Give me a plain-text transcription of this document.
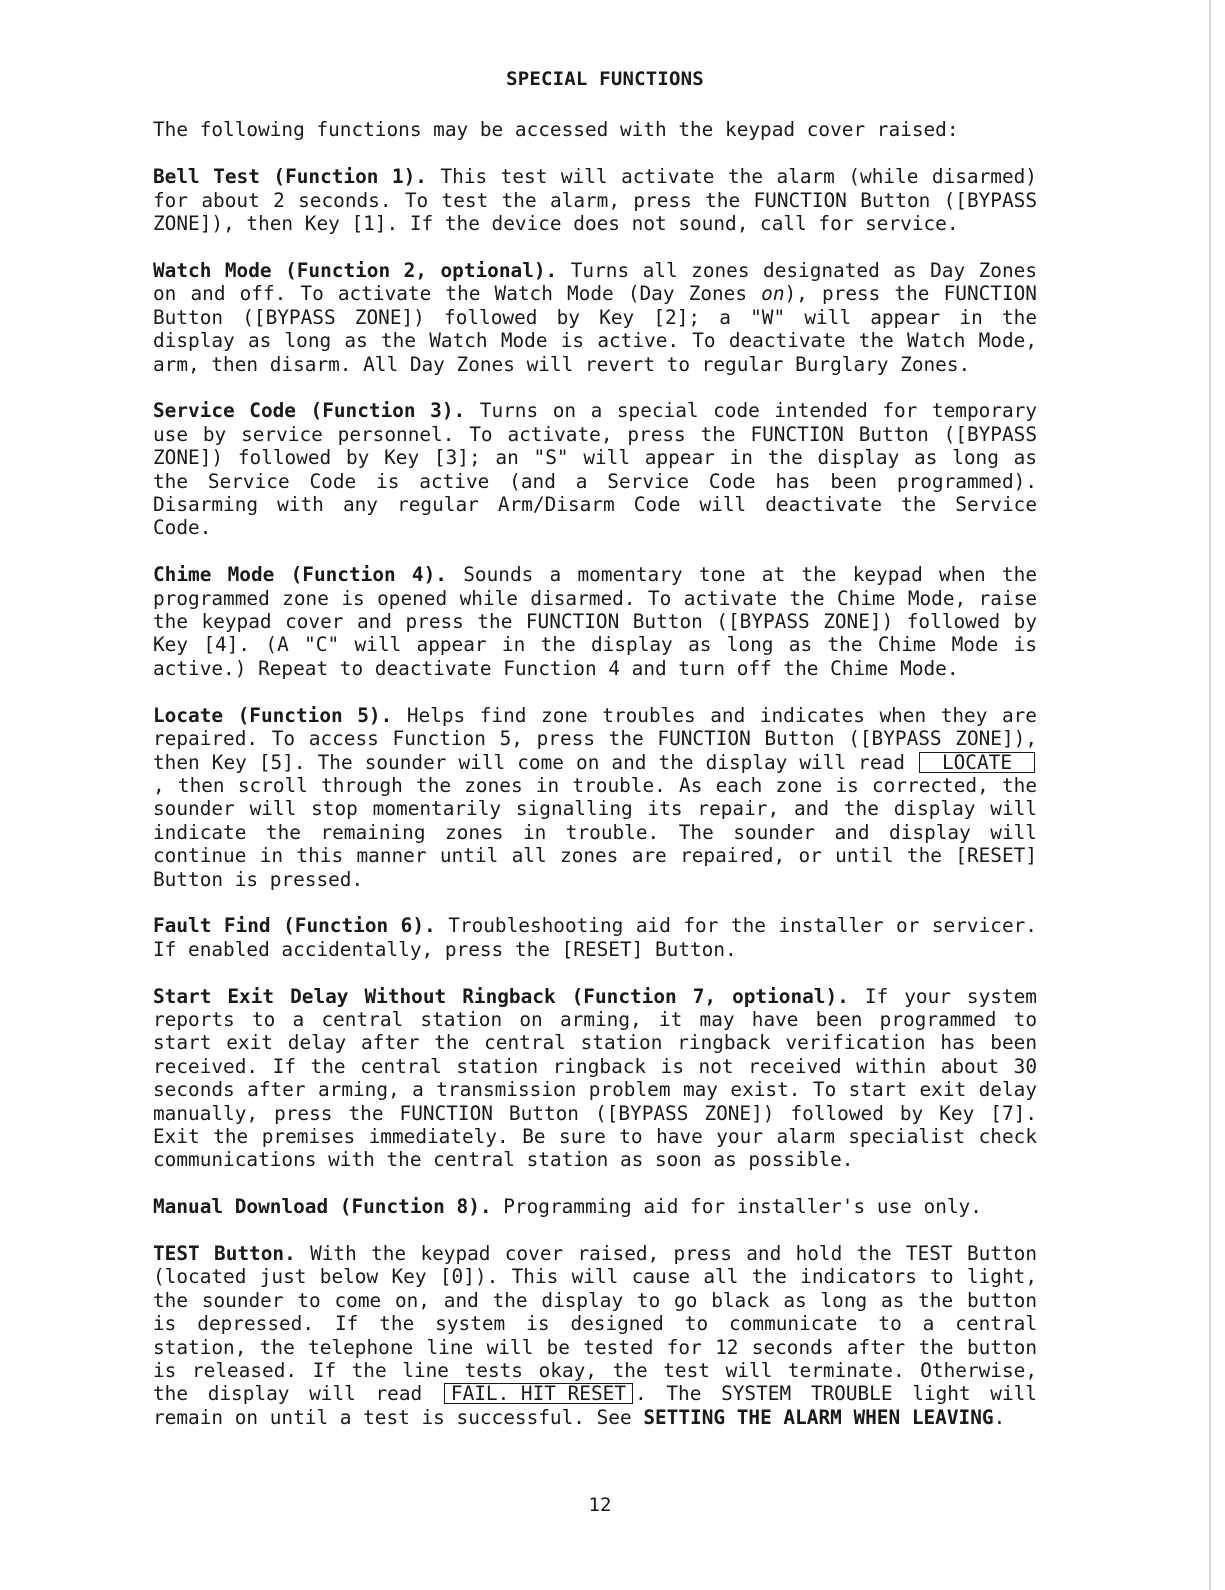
SPECIAL FUNCTIONS

The following functions may be accessed with the keypad cover raised:

Bell Test (Function 1). This test will activate the alarm (while disarmed) for about 2 seconds. To test the alarm, press the FUNCTION Button ([BYPASS ZONE]), then Key [1]. If the device does not sound, call for service.

Watch Mode (Function 2, optional). Turns all zones designated as Day Zones on and off. To activate the Watch Mode (Day Zones on), press the FUNCTION Button ([BYPASS ZONE]) followed by Key [2]; a "W" will appear in the display as long as the Watch Mode is active. To deactivate the Watch Mode, arm, then disarm. All Day Zones will revert to regular Burglary Zones.

Service Code (Function 3). Turns on a special code intended for temporary use by service personnel. To activate, press the FUNCTION Button ([BYPASS ZONE]) followed by Key [3]; an "S" will appear in the display as long as the Service Code is active (and a Service Code has been programmed). Disarming with any regular Arm/Disarm Code will deactivate the Service Code.

Chime Mode (Function 4). Sounds a momentary tone at the keypad when the programmed zone is opened while disarmed. To activate the Chime Mode, raise the keypad cover and press the FUNCTION Button ([BYPASS ZONE]) followed by Key [4]. (A "C" will appear in the display as long as the Chime Mode is active.) Repeat to deactivate Function 4 and turn off the Chime Mode.

Locate (Function 5). Helps find zone troubles and indicates when they are repaired. To access Function 5, press the FUNCTION Button ([BYPASS ZONE]), then Key [5]. The sounder will come on and the display will read LOCATE, then scroll through the zones in trouble. As each zone is corrected, the sounder will stop momentarily signalling its repair, and the display will indicate the remaining zones in trouble. The sounder and display will continue in this manner until all zones are repaired, or until the [RESET] Button is pressed.

Fault Find (Function 6). Troubleshooting aid for the installer or servicer. If enabled accidentally, press the [RESET] Button.

Start Exit Delay Without Ringback (Function 7, optional). If your system reports to a central station on arming, it may have been programmed to start exit delay after the central station ringback verification has been received. If the central station ringback is not received within about 30 seconds after arming, a transmission problem may exist. To start exit delay manually, press the FUNCTION Button ([BYPASS ZONE]) followed by Key [7]. Exit the premises immediately. Be sure to have your alarm specialist check communications with the central station as soon as possible.

Manual Download (Function 8). Programming aid for installer's use only.

TEST Button. With the keypad cover raised, press and hold the TEST Button (located just below Key [0]). This will cause all the indicators to light, the sounder to come on, and the display to go black as long as the button is depressed. If the system is designed to communicate to a central station, the telephone line will be tested for 12 seconds after the button is released. If the line tests okay, the test will terminate. Otherwise, the display will read FAIL. HIT RESET . The SYSTEM TROUBLE light will remain on until a test is successful. See SETTING THE ALARM WHEN LEAVING.

12
